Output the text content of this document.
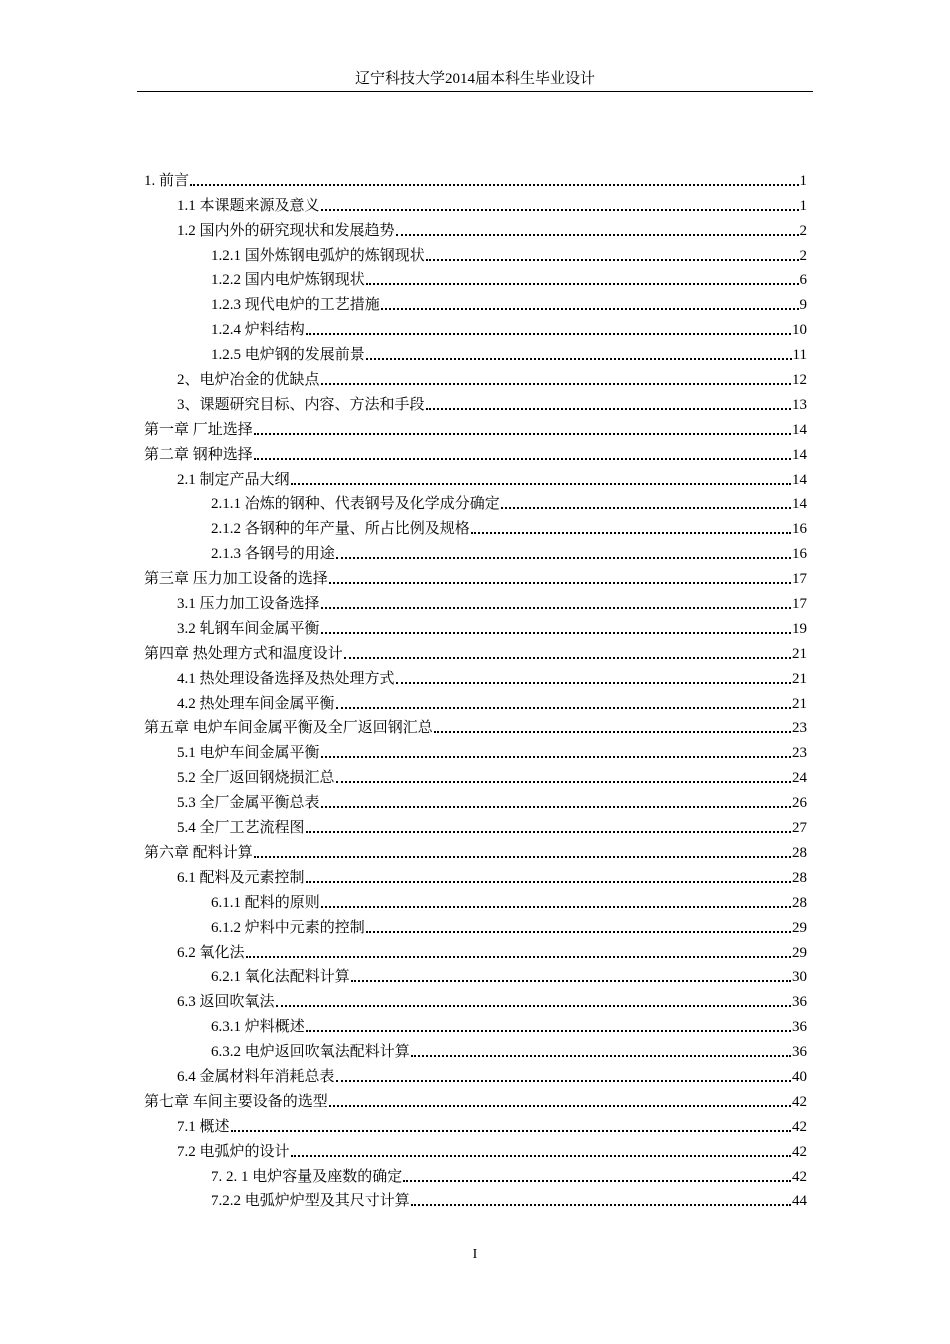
辽宁科技大学2014届本科生毕业设计
1. 前言	1
1.1 本课题来源及意义	1
1.2 国内外的研究现状和发展趋势	2
1.2.1 国外炼钢电弧炉的炼钢现状	2
1.2.2 国内电炉炼钢现状	6
1.2.3 现代电炉的工艺措施	9
1.2.4 炉料结构	10
1.2.5 电炉钢的发展前景	11
2、电炉冶金的优缺点	12
3、课题研究目标、内容、方法和手段	13
第一章 厂址选择	14
第二章 钢种选择	14
2.1 制定产品大纲	14
2.1.1 冶炼的钢种、代表钢号及化学成分确定	14
2.1.2 各钢种的年产量、所占比例及规格	16
2.1.3 各钢号的用途	16
第三章 压力加工设备的选择	17
3.1 压力加工设备选择	17
3.2 轧钢车间金属平衡	19
第四章 热处理方式和温度设计	21
4.1 热处理设备选择及热处理方式	21
4.2 热处理车间金属平衡	21
第五章 电炉车间金属平衡及全厂返回钢汇总	23
5.1 电炉车间金属平衡	23
5.2 全厂返回钢烧损汇总	24
5.3 全厂金属平衡总表	26
5.4 全厂工艺流程图	27
第六章 配料计算	28
6.1 配料及元素控制	28
6.1.1 配料的原则	28
6.1.2 炉料中元素的控制	29
6.2 氧化法	29
6.2.1 氧化法配料计算	30
6.3 返回吹氧法	36
6.3.1 炉料概述	36
6.3.2 电炉返回吹氧法配料计算	36
6.4 金属材料年消耗总表	40
第七章 车间主要设备的选型	42
7.1 概述	42
7.2 电弧炉的设计	42
7. 2. 1 电炉容量及座数的确定	42
7.2.2 电弧炉炉型及其尺寸计算	44
I
